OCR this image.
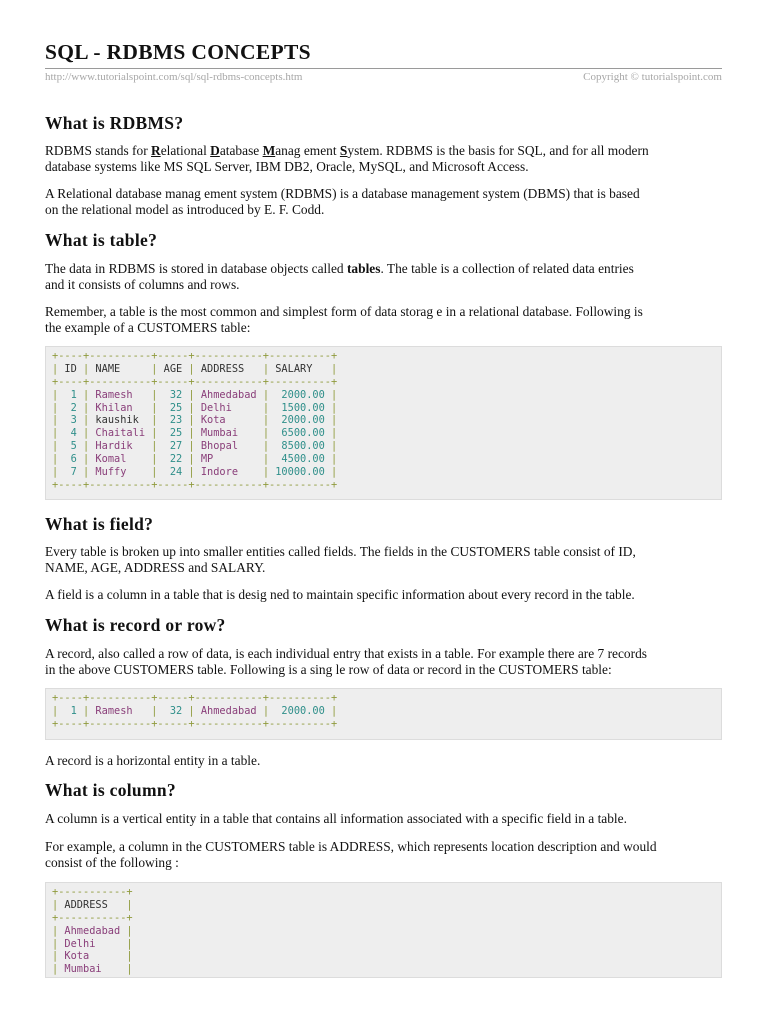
SQL - RDBMS CONCEPTS
http://www.tutorialspoint.com/sql/sql-rdbms-concepts.htm	Copyright © tutorialspoint.com
What is RDBMS?

RDBMS stands for Relational Database Manag ement System. RDBMS is the basis for SQL, and for all modern
database systems like MS SQL Server, IBM DB2, Oracle, MySQL, and Microsoft Access.

A Relational database manag ement system (RDBMS) is a database management system (DBMS) that is based
on the relational model as introduced by E. F. Codd.

What is table?

The data in RDBMS is stored in database objects called tables. The table is a collection of related data entries
and it consists of columns and rows.

Remember, a table is the most common and simplest form of data storag e in a relational database. Following is
the example of a CUSTOMERS table:

+----+----------+-----+-----------+----------+
| ID | NAME     | AGE | ADDRESS   | SALARY   |
+----+----------+-----+-----------+----------+
|  1 | Ramesh   |  32 | Ahmedabad |  2000.00 |
|  2 | Khilan   |  25 | Delhi     |  1500.00 |
|  3 | kaushik  |  23 | Kota      |  2000.00 |
|  4 | Chaitali |  25 | Mumbai    |  6500.00 |
|  5 | Hardik   |  27 | Bhopal    |  8500.00 |
|  6 | Komal    |  22 | MP        |  4500.00 |
|  7 | Muffy    |  24 | Indore    | 10000.00 |
+----+----------+-----+-----------+----------+
What is field?

Every table is broken up into smaller entities called fields. The fields in the CUSTOMERS table consist of ID,
NAME, AGE, ADDRESS and SALARY.

A field is a column in a table that is desig ned to maintain specific information about every record in the table.

What is record or row?

A record, also called a row of data, is each individual entry that exists in a table. For example there are 7 records
in the above CUSTOMERS table. Following is a sing le row of data or record in the CUSTOMERS table:

+----+----------+-----+-----------+----------+
|  1 | Ramesh   |  32 | Ahmedabad |  2000.00 |
+----+----------+-----+-----------+----------+

A record is a horizontal entity in a table.

What is column?

A column is a vertical entity in a table that contains all information associated with a specific field in a table.

For example, a column in the CUSTOMERS table is ADDRESS, which represents location description and would
consist of the following :

+-----------+
| ADDRESS   |
+-----------+
| Ahmedabad |
| Delhi     |
| Kota      |
| Mumbai    |
